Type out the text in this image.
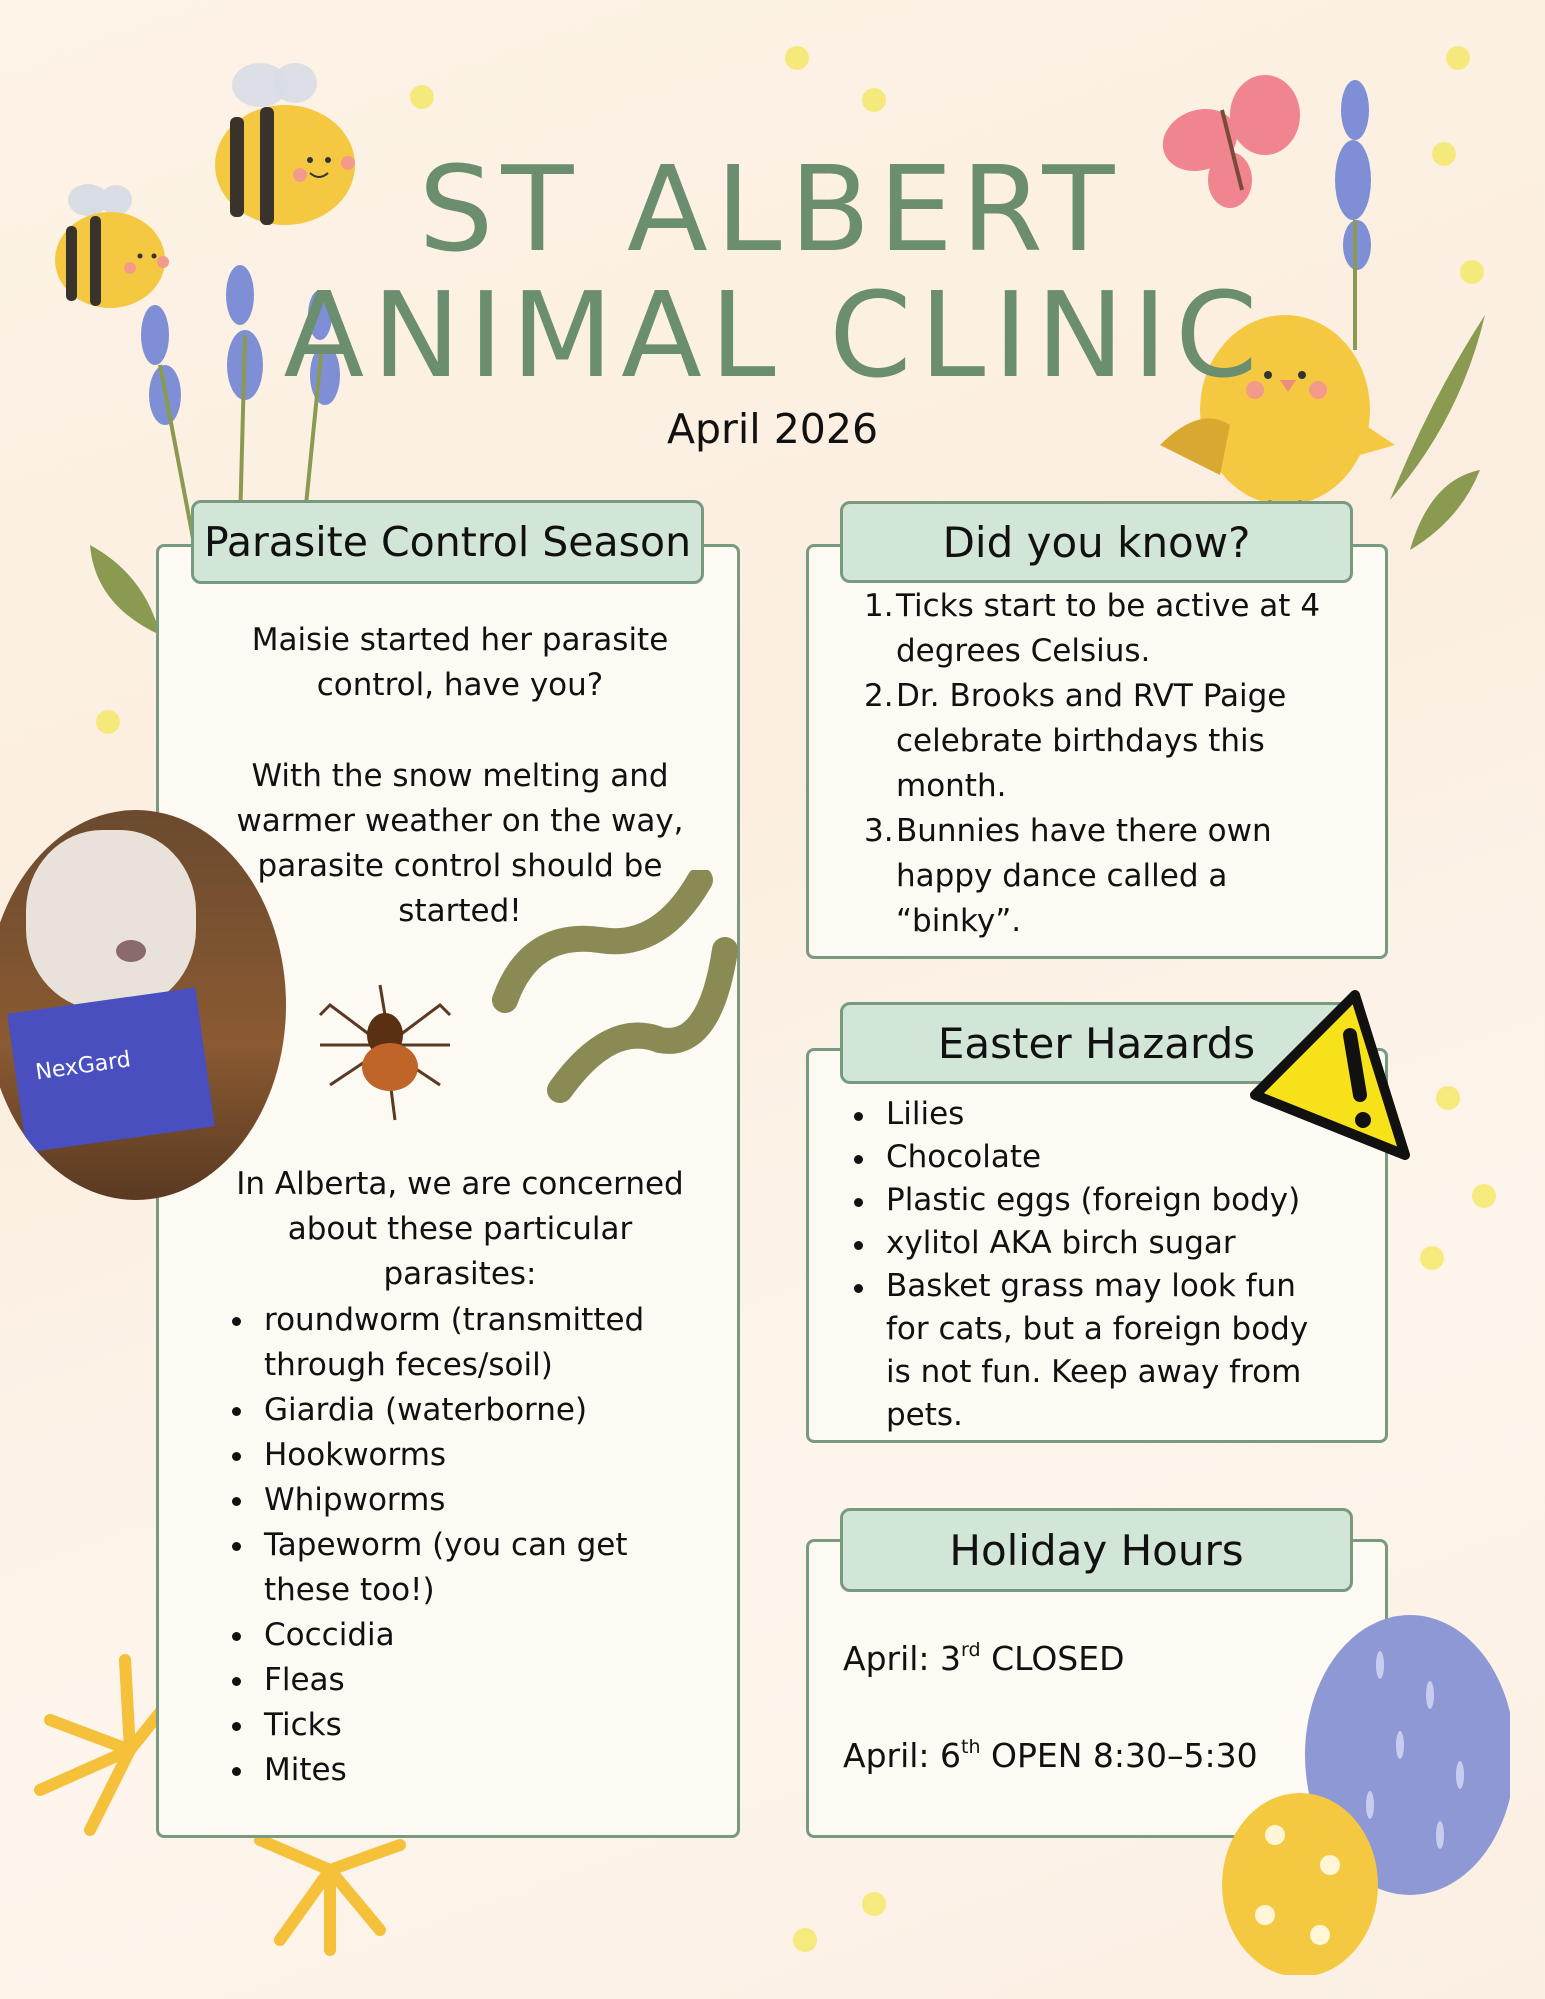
ST ALBERT
ANIMAL CLINIC
April 2026
Parasite Control Season
Maisie started her parasite control, have you?
With the snow melting and warmer weather on the way, parasite control should be started!
In Alberta, we are concerned about these particular parasites:
roundworm (transmitted through feces/soil)
Giardia (waterborne)
Hookworms
Whipworms
Tapeworm (you can get these too!)
Coccidia
Fleas
Ticks
Mites
NexGard
Did you know?
1. Ticks start to be active at 4 degrees Celsius.
2. Dr. Brooks and RVT Paige celebrate birthdays this month.
3. Bunnies have there own happy dance called a “binky”.
Easter Hazards
Lilies
Chocolate
Plastic eggs (foreign body)
xylitol AKA birch sugar
Basket grass may look fun for cats, but a foreign body is not fun. Keep away from pets.
Holiday Hours
April: 3rd CLOSED
April: 6th OPEN 8:30–5:30
